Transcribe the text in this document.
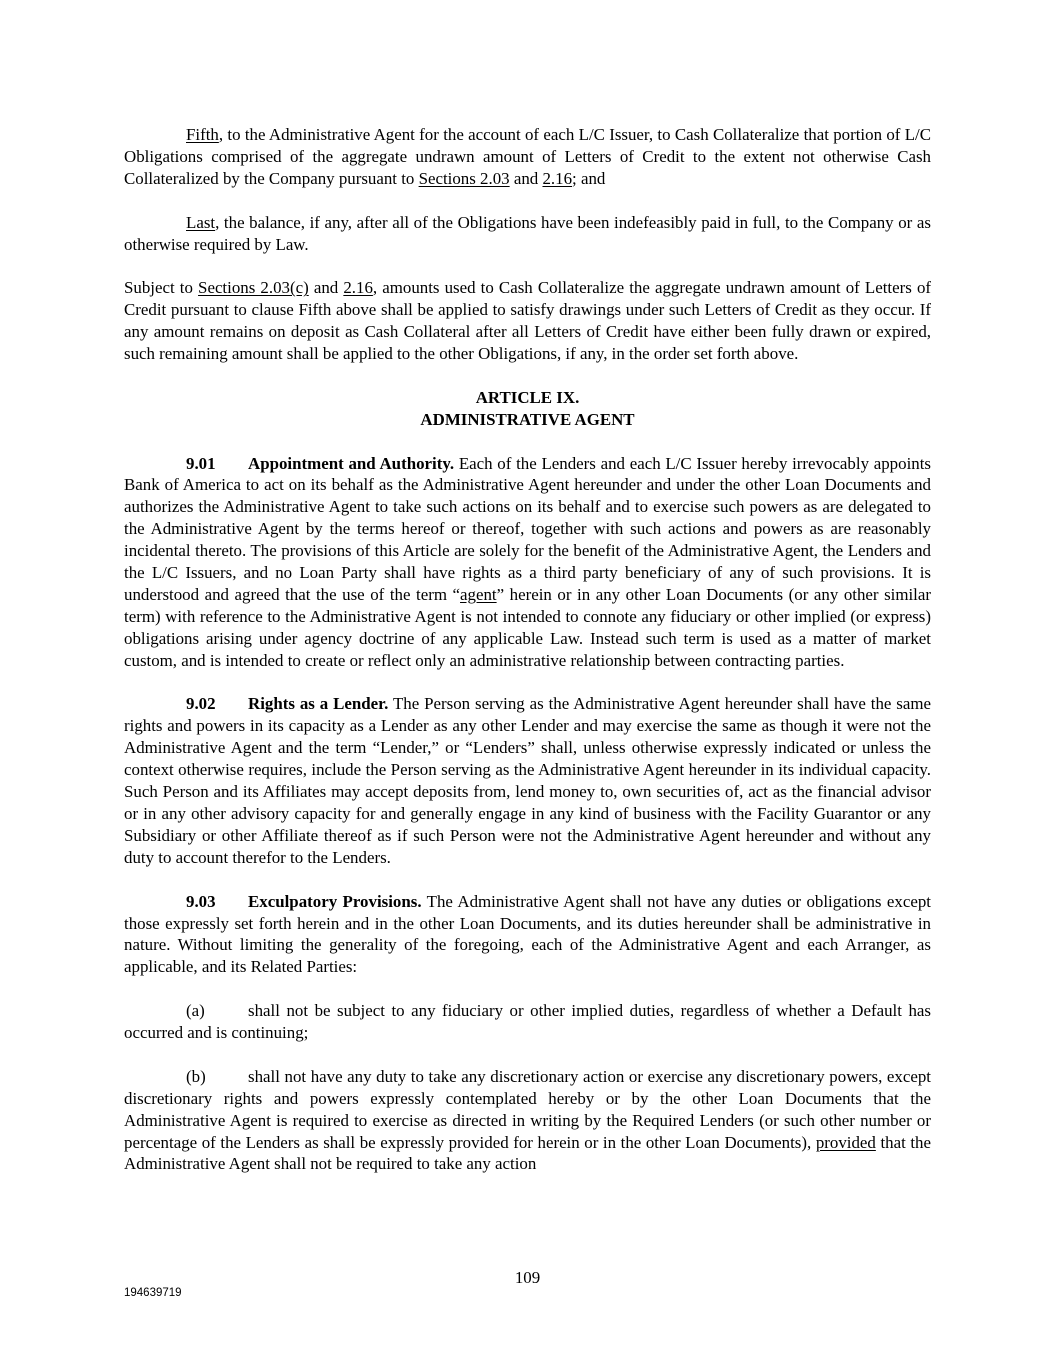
Fifth, to the Administrative Agent for the account of each L/C Issuer, to Cash Collateralize that portion of L/C Obligations comprised of the aggregate undrawn amount of Letters of Credit to the extent not otherwise Cash Collateralized by the Company pursuant to Sections 2.03 and 2.16; and

Last, the balance, if any, after all of the Obligations have been indefeasibly paid in full, to the Company or as otherwise required by Law.

Subject to Sections 2.03(c) and 2.16, amounts used to Cash Collateralize the aggregate undrawn amount of Letters of Credit pursuant to clause Fifth above shall be applied to satisfy drawings under such Letters of Credit as they occur. If any amount remains on deposit as Cash Collateral after all Letters of Credit have either been fully drawn or expired, such remaining amount shall be applied to the other Obligations, if any, in the order set forth above.

ARTICLE IX.
ADMINISTRATIVE AGENT

9.01 Appointment and Authority. Each of the Lenders and each L/C Issuer hereby irrevocably appoints Bank of America to act on its behalf as the Administrative Agent hereunder and under the other Loan Documents and authorizes the Administrative Agent to take such actions on its behalf and to exercise such powers as are delegated to the Administrative Agent by the terms hereof or thereof, together with such actions and powers as are reasonably incidental thereto. The provisions of this Article are solely for the benefit of the Administrative Agent, the Lenders and the L/C Issuers, and no Loan Party shall have rights as a third party beneficiary of any of such provisions. It is understood and agreed that the use of the term “agent” herein or in any other Loan Documents (or any other similar term) with reference to the Administrative Agent is not intended to connote any fiduciary or other implied (or express) obligations arising under agency doctrine of any applicable Law. Instead such term is used as a matter of market custom, and is intended to create or reflect only an administrative relationship between contracting parties.

9.02 Rights as a Lender. The Person serving as the Administrative Agent hereunder shall have the same rights and powers in its capacity as a Lender as any other Lender and may exercise the same as though it were not the Administrative Agent and the term “Lender,” or “Lenders” shall, unless otherwise expressly indicated or unless the context otherwise requires, include the Person serving as the Administrative Agent hereunder in its individual capacity. Such Person and its Affiliates may accept deposits from, lend money to, own securities of, act as the financial advisor or in any other advisory capacity for and generally engage in any kind of business with the Facility Guarantor or any Subsidiary or other Affiliate thereof as if such Person were not the Administrative Agent hereunder and without any duty to account therefor to the Lenders.

9.03 Exculpatory Provisions. The Administrative Agent shall not have any duties or obligations except those expressly set forth herein and in the other Loan Documents, and its duties hereunder shall be administrative in nature. Without limiting the generality of the foregoing, each of the Administrative Agent and each Arranger, as applicable, and its Related Parties:

(a)	shall not be subject to any fiduciary or other implied duties, regardless of whether a Default has occurred and is continuing;

(b)	shall not have any duty to take any discretionary action or exercise any discretionary powers, except discretionary rights and powers expressly contemplated hereby or by the other Loan Documents that the Administrative Agent is required to exercise as directed in writing by the Required Lenders (or such other number or percentage of the Lenders as shall be expressly provided for herein or in the other Loan Documents), provided that the Administrative Agent shall not be required to take any action

109
194639719
